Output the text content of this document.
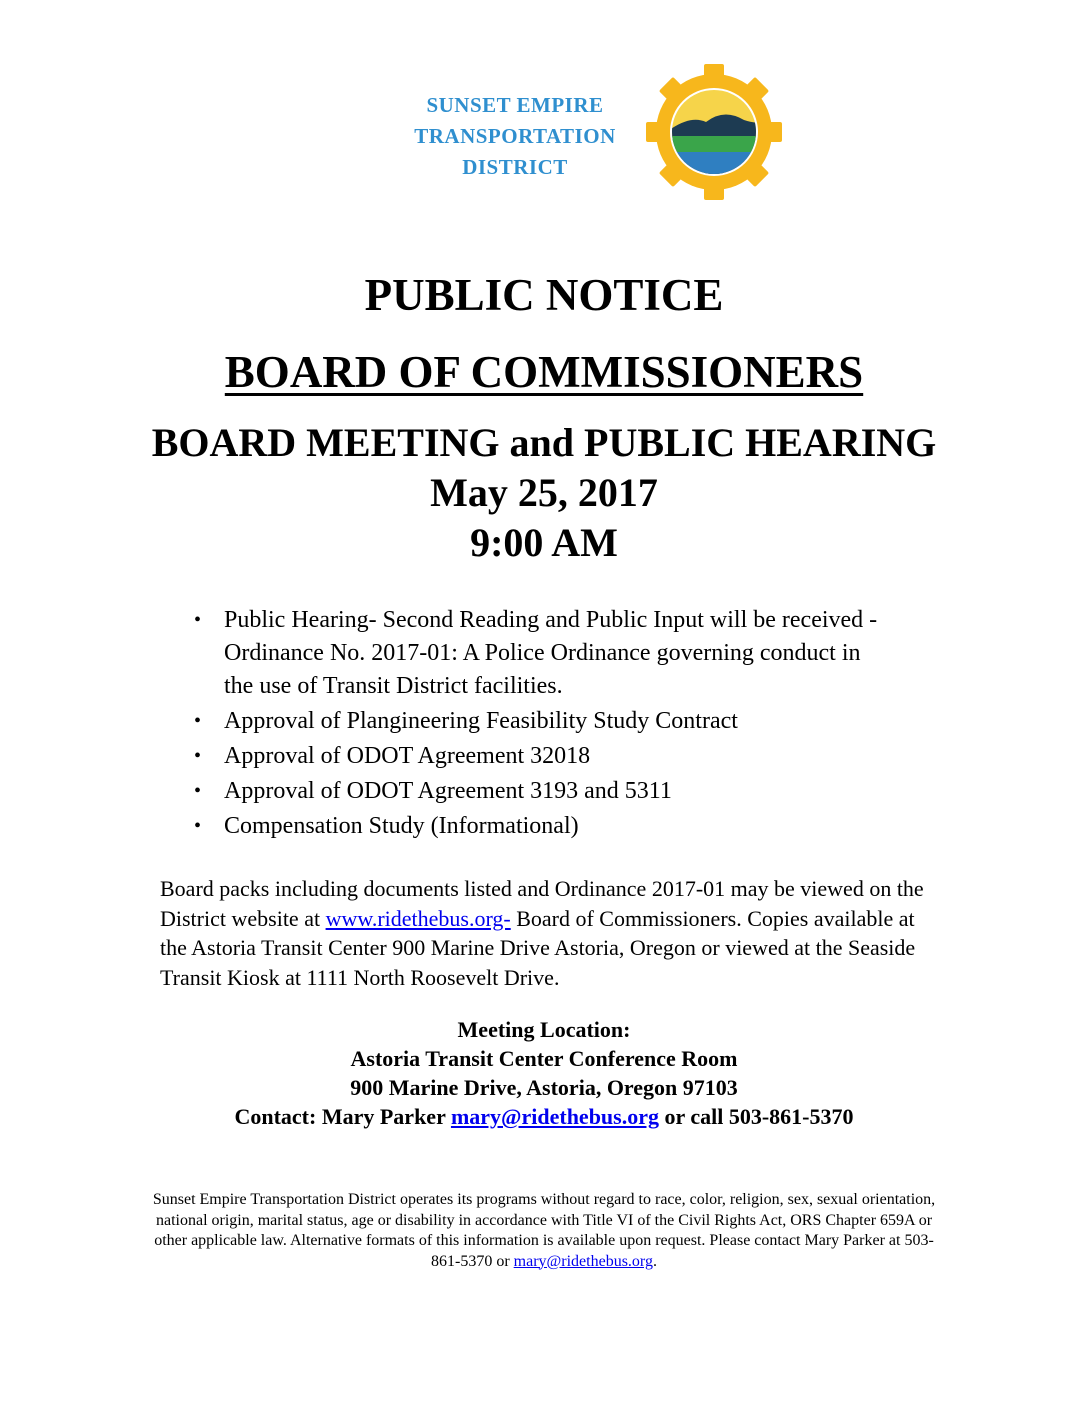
SUNSET EMPIRE
TRANSPORTATION
DISTRICT
PUBLIC NOTICE
BOARD OF COMMISSIONERS
BOARD MEETING and PUBLIC HEARING
May 25, 2017
9:00 AM
• Public Hearing- Second Reading and Public Input will be received -
Ordinance No. 2017-01: A Police Ordinance governing conduct in
the use of Transit District facilities.
• Approval of Plangineering Feasibility Study Contract
• Approval of ODOT Agreement 32018
• Approval of ODOT Agreement 3193 and 5311
• Compensation Study (Informational)
Board packs including documents listed and Ordinance 2017-01 may be viewed on the
District website at www.ridethebus.org- Board of Commissioners. Copies available at
the Astoria Transit Center 900 Marine Drive Astoria, Oregon or viewed at the Seaside
Transit Kiosk at 1111 North Roosevelt Drive.
Meeting Location:
Astoria Transit Center Conference Room
900 Marine Drive, Astoria, Oregon 97103
Contact: Mary Parker mary@ridethebus.org or call 503-861-5370
Sunset Empire Transportation District operates its programs without regard to race, color, religion, sex, sexual orientation,
national origin, marital status, age or disability in accordance with Title VI of the Civil Rights Act, ORS Chapter 659A or
other applicable law. Alternative formats of this information is available upon request. Please contact Mary Parker at 503-
861-5370 or mary@ridethebus.org.
